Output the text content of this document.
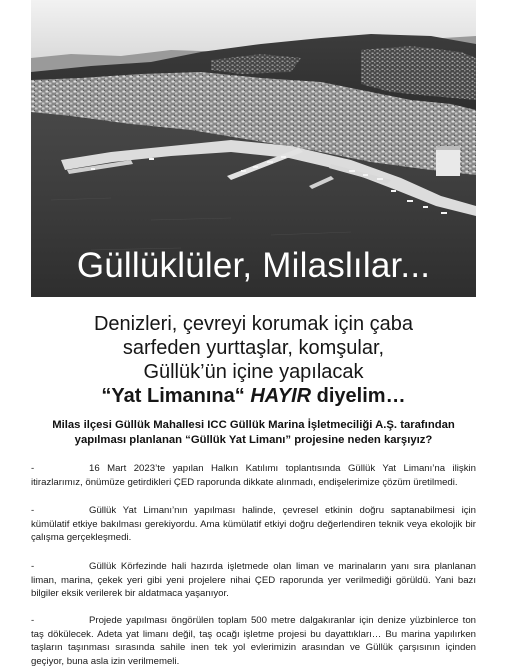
Güllüklüler, Milaslılar...
Denizleri, çevreyi korumak için çaba
sarfeden yurttaşlar, komşular,
Güllük’ün içine yapılacak
“Yat Limanına“ HAYIR diyelim…
Milas ilçesi Güllük Mahallesi ICC Güllük Marina İşletmeciliği A.Ş. tarafından
yapılması planlanan “Güllük Yat Limanı” projesine neden karşıyız?
-	16 Mart 2023’te yapılan Halkın Katılımı toplantısında Güllük Yat Limanı’na ilişkin itirazlarımız, önümüze getirdikleri ÇED raporunda dikkate alınmadı, endişelerimize çözüm üretilmedi.
-	Güllük Yat Limanı’nın yapılması halinde, çevresel etkinin doğru saptanabilmesi için kümülatif etkiye bakılması gerekiyordu. Ama kümülatif etkiyi doğru değerlendiren teknik veya ekolojik bir çalışma gerçekleşmedi.
-	Güllük Körfezinde hali hazırda işletmede olan liman ve marinaların yanı sıra planlanan liman, marina, çekek yeri gibi yeni projelere nihai ÇED raporunda yer verilmediği görüldü. Yani bazı bilgiler eksik verilerek bir aldatmaca yaşanıyor.
-	Projede yapılması öngörülen toplam 500 metre dalgakıranlar için denize yüzbinlerce ton taş dökülecek. Adeta yat limanı değil, taş ocağı işletme projesi bu dayattıkları… Bu marina yapılırken taşların taşınması sırasında sahile inen tek yol evlerimizin arasından ve Güllük çarşısının içinden geçiyor, buna asla izin verilmemeli.
